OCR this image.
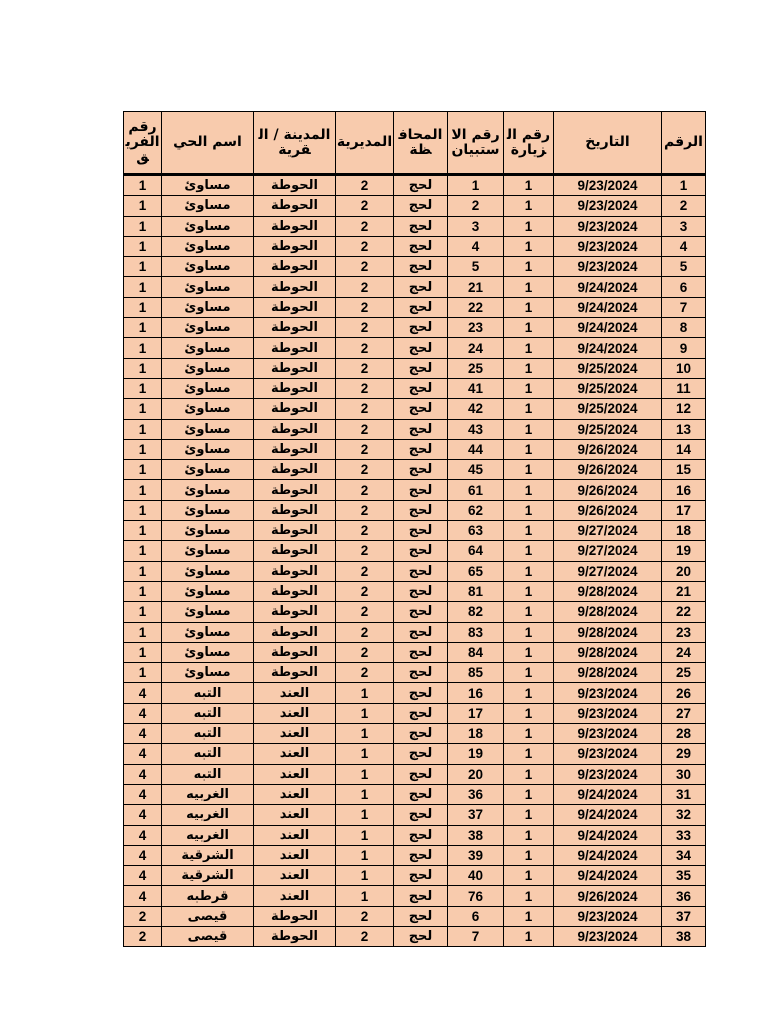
الرقم	التاريخ	رقم الزيارة	رقم الاستبيان	المحافظة	المديرية	المدينة / القرية	اسم الحي	رقم الفريق
1	9/23/2024	1	1	لحج	2	الحوطة	مساوئ	1
2	9/23/2024	1	2	لحج	2	الحوطة	مساوئ	1
3	9/23/2024	1	3	لحج	2	الحوطة	مساوئ	1
4	9/23/2024	1	4	لحج	2	الحوطة	مساوئ	1
5	9/23/2024	1	5	لحج	2	الحوطة	مساوئ	1
6	9/24/2024	1	21	لحج	2	الحوطة	مساوئ	1
7	9/24/2024	1	22	لحج	2	الحوطة	مساوئ	1
8	9/24/2024	1	23	لحج	2	الحوطة	مساوئ	1
9	9/24/2024	1	24	لحج	2	الحوطة	مساوئ	1
10	9/25/2024	1	25	لحج	2	الحوطة	مساوئ	1
11	9/25/2024	1	41	لحج	2	الحوطة	مساوئ	1
12	9/25/2024	1	42	لحج	2	الحوطة	مساوئ	1
13	9/25/2024	1	43	لحج	2	الحوطة	مساوئ	1
14	9/26/2024	1	44	لحج	2	الحوطة	مساوئ	1
15	9/26/2024	1	45	لحج	2	الحوطة	مساوئ	1
16	9/26/2024	1	61	لحج	2	الحوطة	مساوئ	1
17	9/26/2024	1	62	لحج	2	الحوطة	مساوئ	1
18	9/27/2024	1	63	لحج	2	الحوطة	مساوئ	1
19	9/27/2024	1	64	لحج	2	الحوطة	مساوئ	1
20	9/27/2024	1	65	لحج	2	الحوطة	مساوئ	1
21	9/28/2024	1	81	لحج	2	الحوطة	مساوئ	1
22	9/28/2024	1	82	لحج	2	الحوطة	مساوئ	1
23	9/28/2024	1	83	لحج	2	الحوطة	مساوئ	1
24	9/28/2024	1	84	لحج	2	الحوطة	مساوئ	1
25	9/28/2024	1	85	لحج	2	الحوطة	مساوئ	1
26	9/23/2024	1	16	لحج	1	العند	التبه	4
27	9/23/2024	1	17	لحج	1	العند	التبه	4
28	9/23/2024	1	18	لحج	1	العند	التبه	4
29	9/23/2024	1	19	لحج	1	العند	التبه	4
30	9/23/2024	1	20	لحج	1	العند	التبه	4
31	9/24/2024	1	36	لحج	1	العند	الغربيه	4
32	9/24/2024	1	37	لحج	1	العند	الغربيه	4
33	9/24/2024	1	38	لحج	1	العند	الغربيه	4
34	9/24/2024	1	39	لحج	1	العند	الشرقية	4
35	9/24/2024	1	40	لحج	1	العند	الشرقية	4
36	9/26/2024	1	76	لحج	1	العند	قرطبه	4
37	9/23/2024	1	6	لحج	2	الحوطة	قيصى	2
38	9/23/2024	1	7	لحج	2	الحوطة	قيصى	2
